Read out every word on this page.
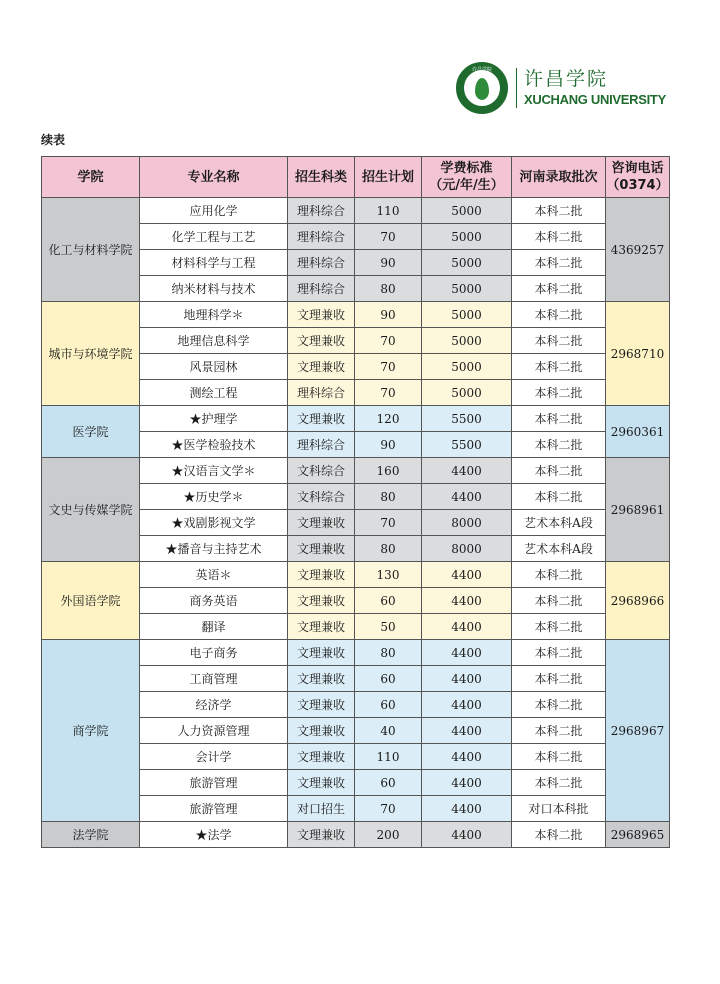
许昌学院	许昌学院
XUCHANG UNIVERSITY
续表
学院	专业名称	招生科类	招生计划	学费标准
（元/年/生）	河南录取批次	咨询电话
（0374）
化工与材料学院	应用化学	理科综合	110	5000	本科二批	4369257
	化学工程与工艺	理科综合	70	5000	本科二批	
	材料科学与工程	理科综合	90	5000	本科二批	
	纳米材料与技术	理科综合	80	5000	本科二批	
城市与环境学院	地理科学＊	文理兼收	90	5000	本科二批	2968710
	地理信息科学	文理兼收	70	5000	本科二批	
	风景园林	文理兼收	70	5000	本科二批	
	测绘工程	理科综合	70	5000	本科二批	
医学院	★护理学	文理兼收	120	5500	本科二批	2960361
	★医学检验技术	理科综合	90	5500	本科二批	
文史与传媒学院	★汉语言文学＊	文科综合	160	4400	本科二批	2968961
	★历史学＊	文科综合	80	4400	本科二批	
	★戏剧影视文学	文理兼收	70	8000	艺术本科A段	
	★播音与主持艺术	文理兼收	80	8000	艺术本科A段	
外国语学院	英语＊	文理兼收	130	4400	本科二批	2968966
	商务英语	文理兼收	60	4400	本科二批	
	翻译	文理兼收	50	4400	本科二批	
商学院	电子商务	文理兼收	80	4400	本科二批	2968967
	工商管理	文理兼收	60	4400	本科二批	
	经济学	文理兼收	60	4400	本科二批	
	人力资源管理	文理兼收	40	4400	本科二批	
	会计学	文理兼收	110	4400	本科二批	
	旅游管理	文理兼收	60	4400	本科二批	
	旅游管理	对口招生	70	4400	对口本科批	
法学院	★法学	文理兼收	200	4400	本科二批	2968965
